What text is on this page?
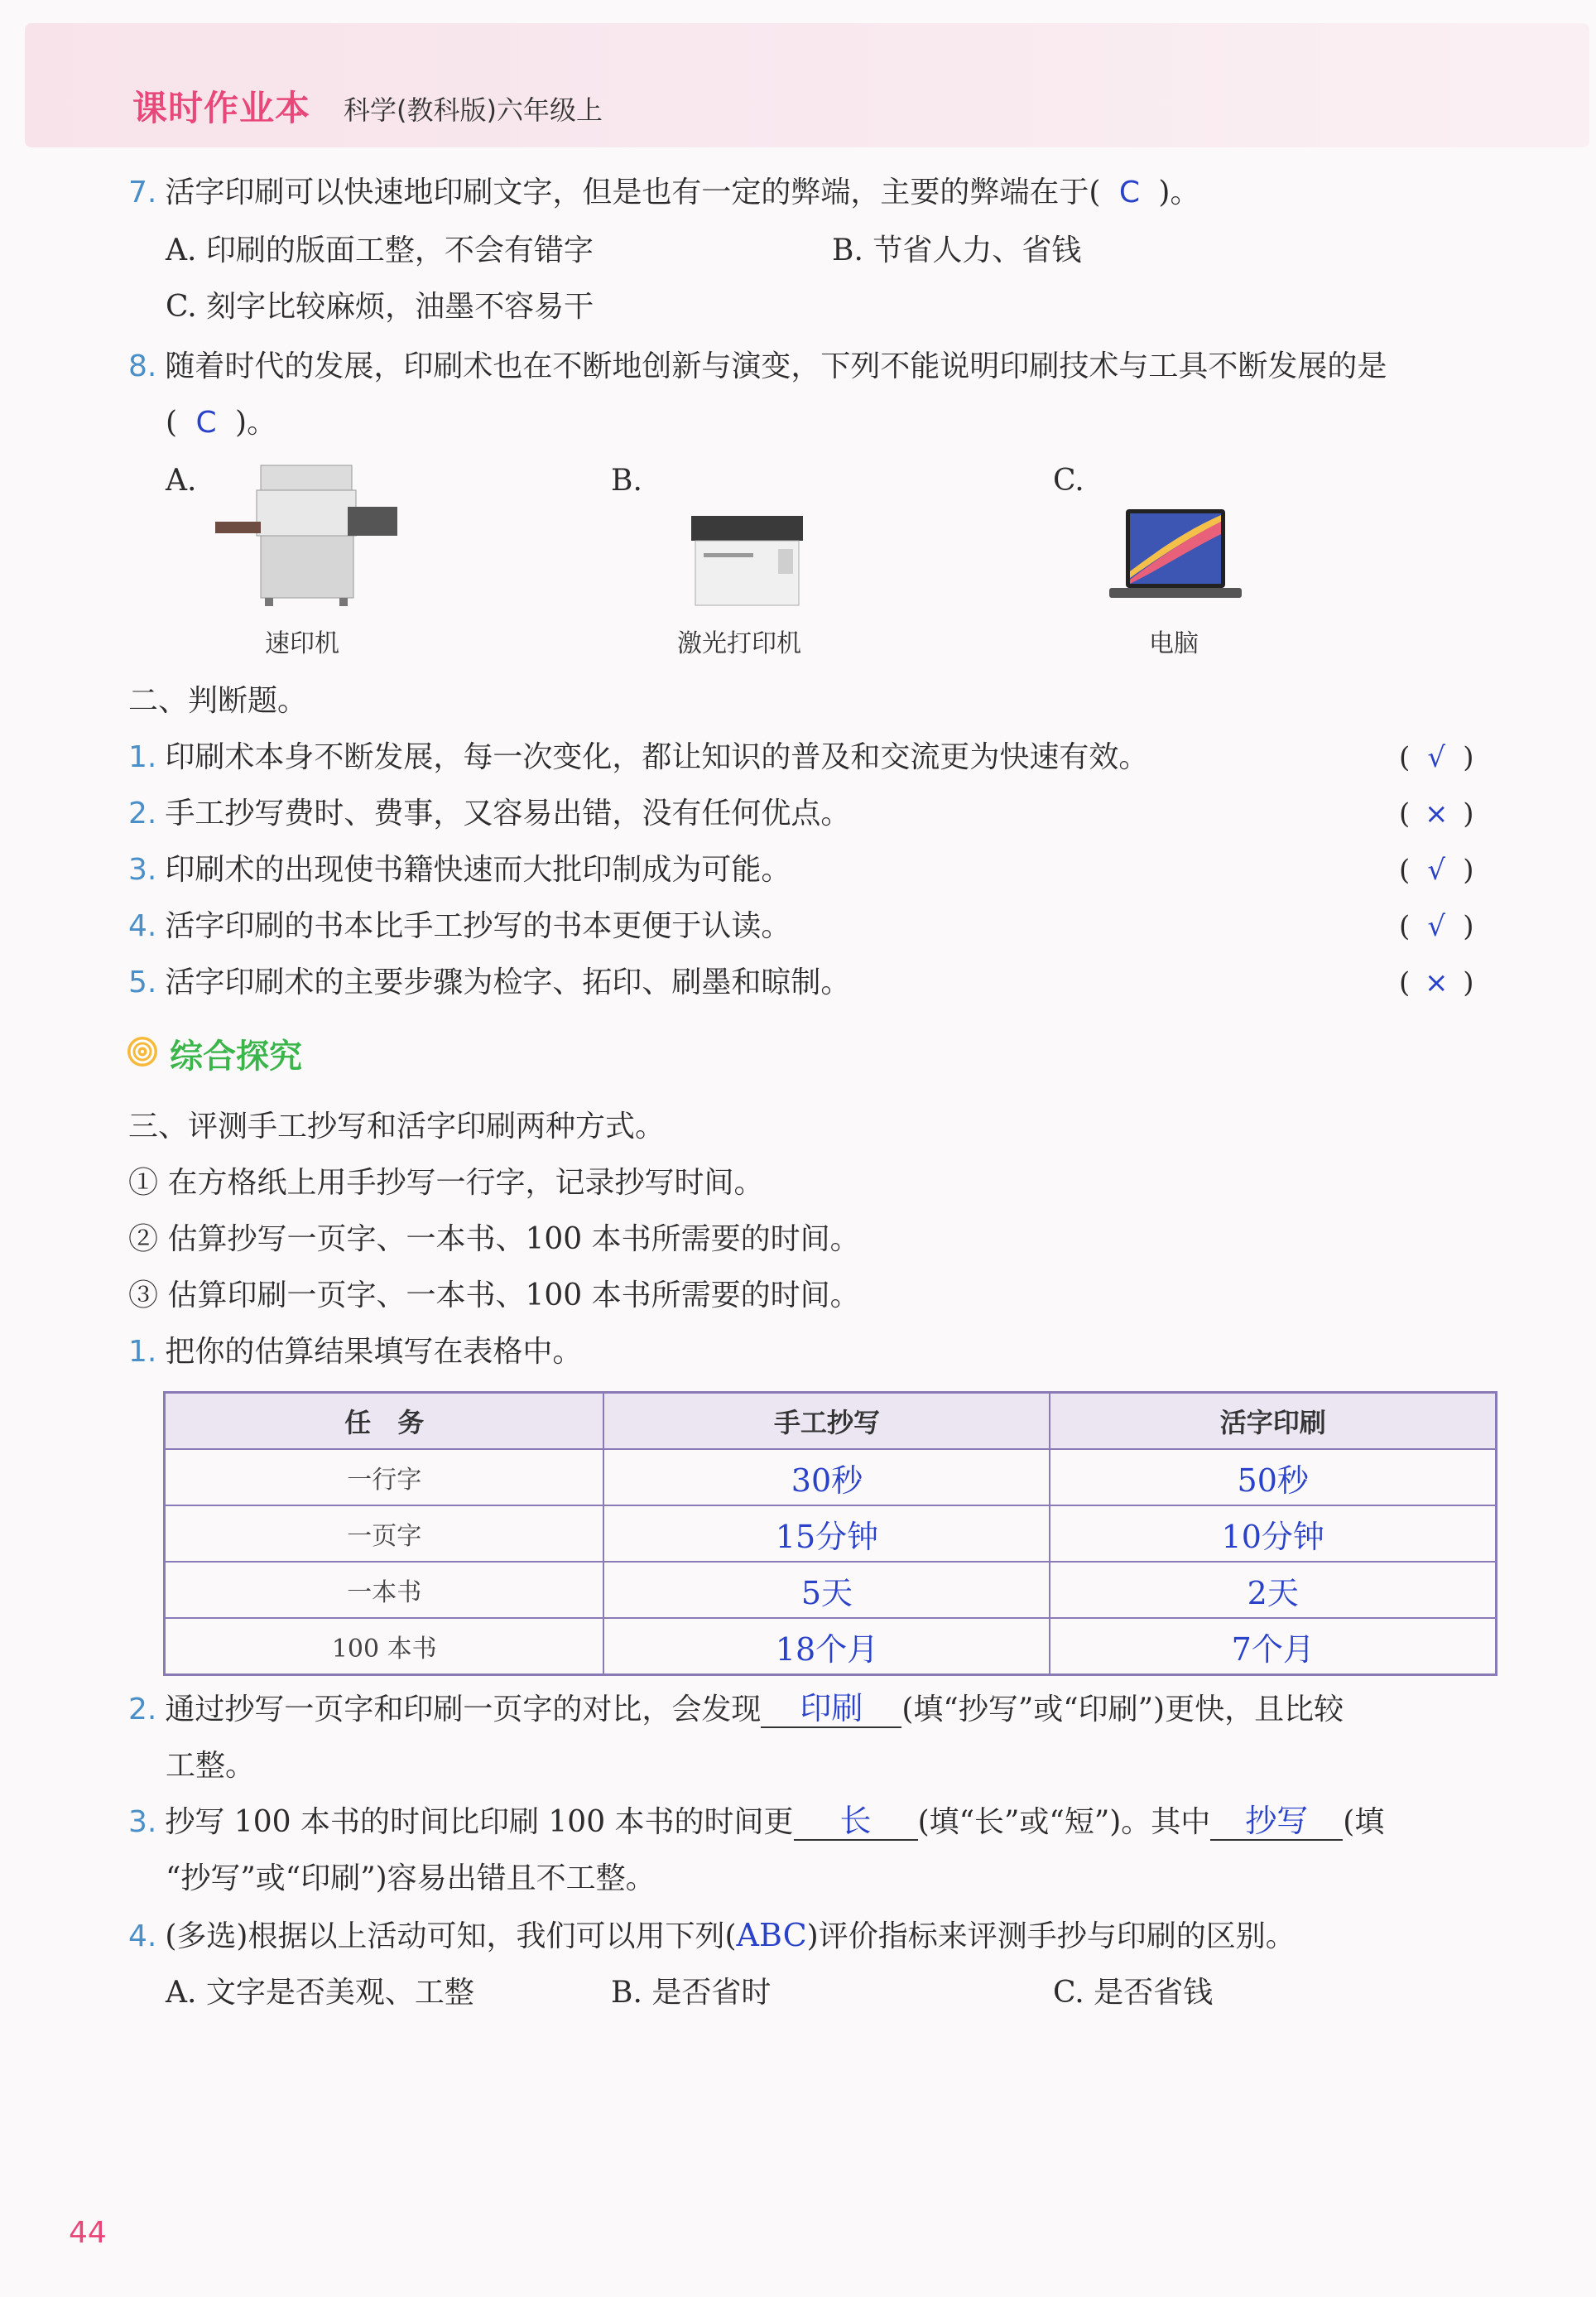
课时作业本 科学(教科版)六年级上
7. 活字印刷可以快速地印刷文字，但是也有一定的弊端，主要的弊端在于( C )。
A. 印刷的版面工整，不会有错字	B. 节省人力、省钱
C. 刻字比较麻烦，油墨不容易干
8. 随着时代的发展，印刷术也在不断地创新与演变，下列不能说明印刷技术与工具不断发展的是
( C )。
A.	B.	C.
速印机	激光打印机	电脑
二、判断题。
1. 印刷术本身不断发展，每一次变化，都让知识的普及和交流更为快速有效。	( √ )
2. 手工抄写费时、费事，又容易出错，没有任何优点。	( × )
3. 印刷术的出现使书籍快速而大批印制成为可能。	( √ )
4. 活字印刷的书本比手工抄写的书本更便于认读。	( √ )
5. 活字印刷术的主要步骤为检字、拓印、刷墨和晾制。	( × )
综合探究
三、评测手工抄写和活字印刷两种方式。
① 在方格纸上用手抄写一行字，记录抄写时间。
② 估算抄写一页字、一本书、100 本书所需要的时间。
③ 估算印刷一页字、一本书、100 本书所需要的时间。
1. 把你的估算结果填写在表格中。
任　务	手工抄写	活字印刷
一行字	30秒	50秒
一页字	15分钟	10分钟
一本书	5天	2天
100 本书	18个月	7个月
2. 通过抄写一页字和印刷一页字的对比，会发现 印刷 (填“抄写”或“印刷”)更快，且比较
工整。
3. 抄写 100 本书的时间比印刷 100 本书的时间更 长 (填“长”或“短”)。其中 抄写 (填
“抄写”或“印刷”)容易出错且不工整。
4. (多选)根据以上活动可知，我们可以用下列(ABC)评价指标来评测手抄与印刷的区别。
A. 文字是否美观、工整	B. 是否省时	C. 是否省钱
44
